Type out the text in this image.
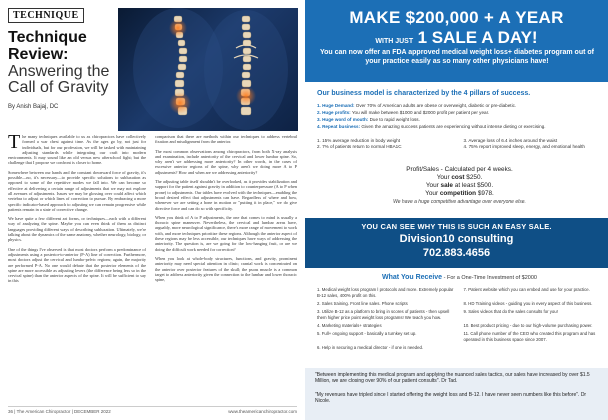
TECHNIQUE
Technique
Review:
Answering the
Call of Gravity
By Anish Bajaj, DC

The many techniques available to us as chiropractors have collectively formed a war chest against time. As the ages go by, not just for individuals, but for our profession, we will be tasked with maintaining adjusting standards while integrating our craft into modern environments. It may sound like an old versus new afterschool fight; but the challenge that I propose we confront is closer to home.

Somewhere between our hands and the constant downward force of gravity, it's possible—no, it's necessary—to provide specific solutions to subluxation as opposed to some of the repetitive modes we fall into. We can become so effective at delivering a certain range of adjustments that we may not explore all avenues of adjustments. Issues we may be glossing over could affect which vertebra to adjust or which lines of correction to pursue. By embracing a more specific indicator-based approach to adjusting we can remain progressive while patients remain in a state of corrective change.

We have quite a few different art forms, or techniques—each with a different way of analyzing the spine. Maybe you can even think of them as distinct languages providing different ways of describing subluxation. Ultimately, we're talking about the dynamics of the same anatomy, whether neurology, biology, or physics.

One of the things I've observed is that most doctors perform a predominance of adjustments using a posterior-to-anterior (P-A) line of correction. Furthermore, most doctors adjust the cervical and lumbo-pelvic regions; again, the majority are performed P-A. No one would debate that the posterior elements of the spine are more accessible as adjusting levers (the difference being less so in the cervical spine) than the anterior aspects of the spine. It will be sufficient to say in this

comparison that there are methods within our techniques to address vertebral fixation and misalignment from the anterior.

The most common observations among chiropractors, from both X-ray analysis and examination, include anteriority of the cervical and lower lumbar spine. So, why aren't we addressing more anteriority? In other words, in the cases of excessive anterior regions of the spine, why aren't we doing more A to P adjustments? How and when are we addressing anteriority?

The adjusting table itself shouldn't be overlooked, as it provides stabilization and support for the patient against gravity in addition to counterpressure (A to P when prone) to adjustments. Our tables have evolved with the techniques—enabling the broad desired effect that adjustments can have. Regardless of where and how, whenever we are setting a bone in motion or "putting it in place," we do give directive force and can do so with specificity.

When you think of A to P adjustments, the one that comes to mind is usually a thoracic spine maneuver. Nevertheless, the cervical and lumbar areas have, arguably, more neurological significance, there's more range of movement to work with, and more techniques prioritize these regions. Although the anterior aspect of these regions may be less accessible, our techniques have ways of addressing the anteriority. The question is, are we going for the low-hanging fruit, or are we doing the difficult work needed for correction?

When you look at whole-body structures, functions, and gravity, prominent anteriority may need special attention in clinic; cranial work is concentrated on the anterior over posterior features of the skull; the psoas muscle is a common target to address anteriority given the connection to the lumbar and lower thoracic spine,

36 | The American Chiropractor | DECEMBER 2022	www.theamericanchiropractor.com
MAKE $200,000 + A YEAR
WITH JUST 1 SALE A DAY!
You can now offer an FDA approved medical weight loss+ diabetes program out of your practice easily as so many other physicians have!
Our business model is characterized by the 4 pillars of success.
1. Huge Demand: Over 70% of American adults are obese or overweight, diabetic or pre-diabetic.
2. Huge profits: You will make between $1000 and $2000 profit per patient per year.
3. Huge word of mouth: Due to rapid weight loss.
4. Repeat business: Given the amazing success patients are experiencing without intense dieting or exercising.
1. 15% average reduction in body weight	3. Average loss of 6.4 inches around the waist
2. 7% of patients return to normal HBA1C	4. 75% report improved sleep, energy, and emotional health
Profit/Sales - Calculated per 4 weeks.
Your cost $250.
Your sale at least $500.
Your competition $978.
We have a huge competitive advantage over everyone else.
YOU CAN SEE WHY THIS IS SUCH AN EASY SALE.
Division10 consulting
702.883.4656
What You Receive - For a One-Time Investment of $2000
1. Medical weight loss program l protocols and more. Extremely popular B-12 sales, 400% profit on this.
7. Patient website which you can embed and use for your practice.
2. Sales training. Front line sales. Phone scripts	8. HD Training videos - guiding you in every aspect of this business.
3. Utilize B-12 as a platform to bring in scores of patients - then upsell them higher price point weight loss programs! We teach you how.
9. Sales videos that do the sales consults for you!
4. Marketing materials+ strategies	10. Best product pricing - due to our high-volume purchasing power.
5. Full+ ongoing support - basically a turnkey set up.	11. Call phone number of the CEO who created this program and has operated in this business space since 2007.
6. Help in securing a medical director - if one is needed.
"Between implementing this medical program and applying the nuanced sales tactics, our sales have increased by over $1.5 Million, we are closing over 90% of our patient consults". Dr Tad.
"My revenues have tripled since I started offering the weight loss and B-12. I have never seen numbers like this before". Dr Nicole.
